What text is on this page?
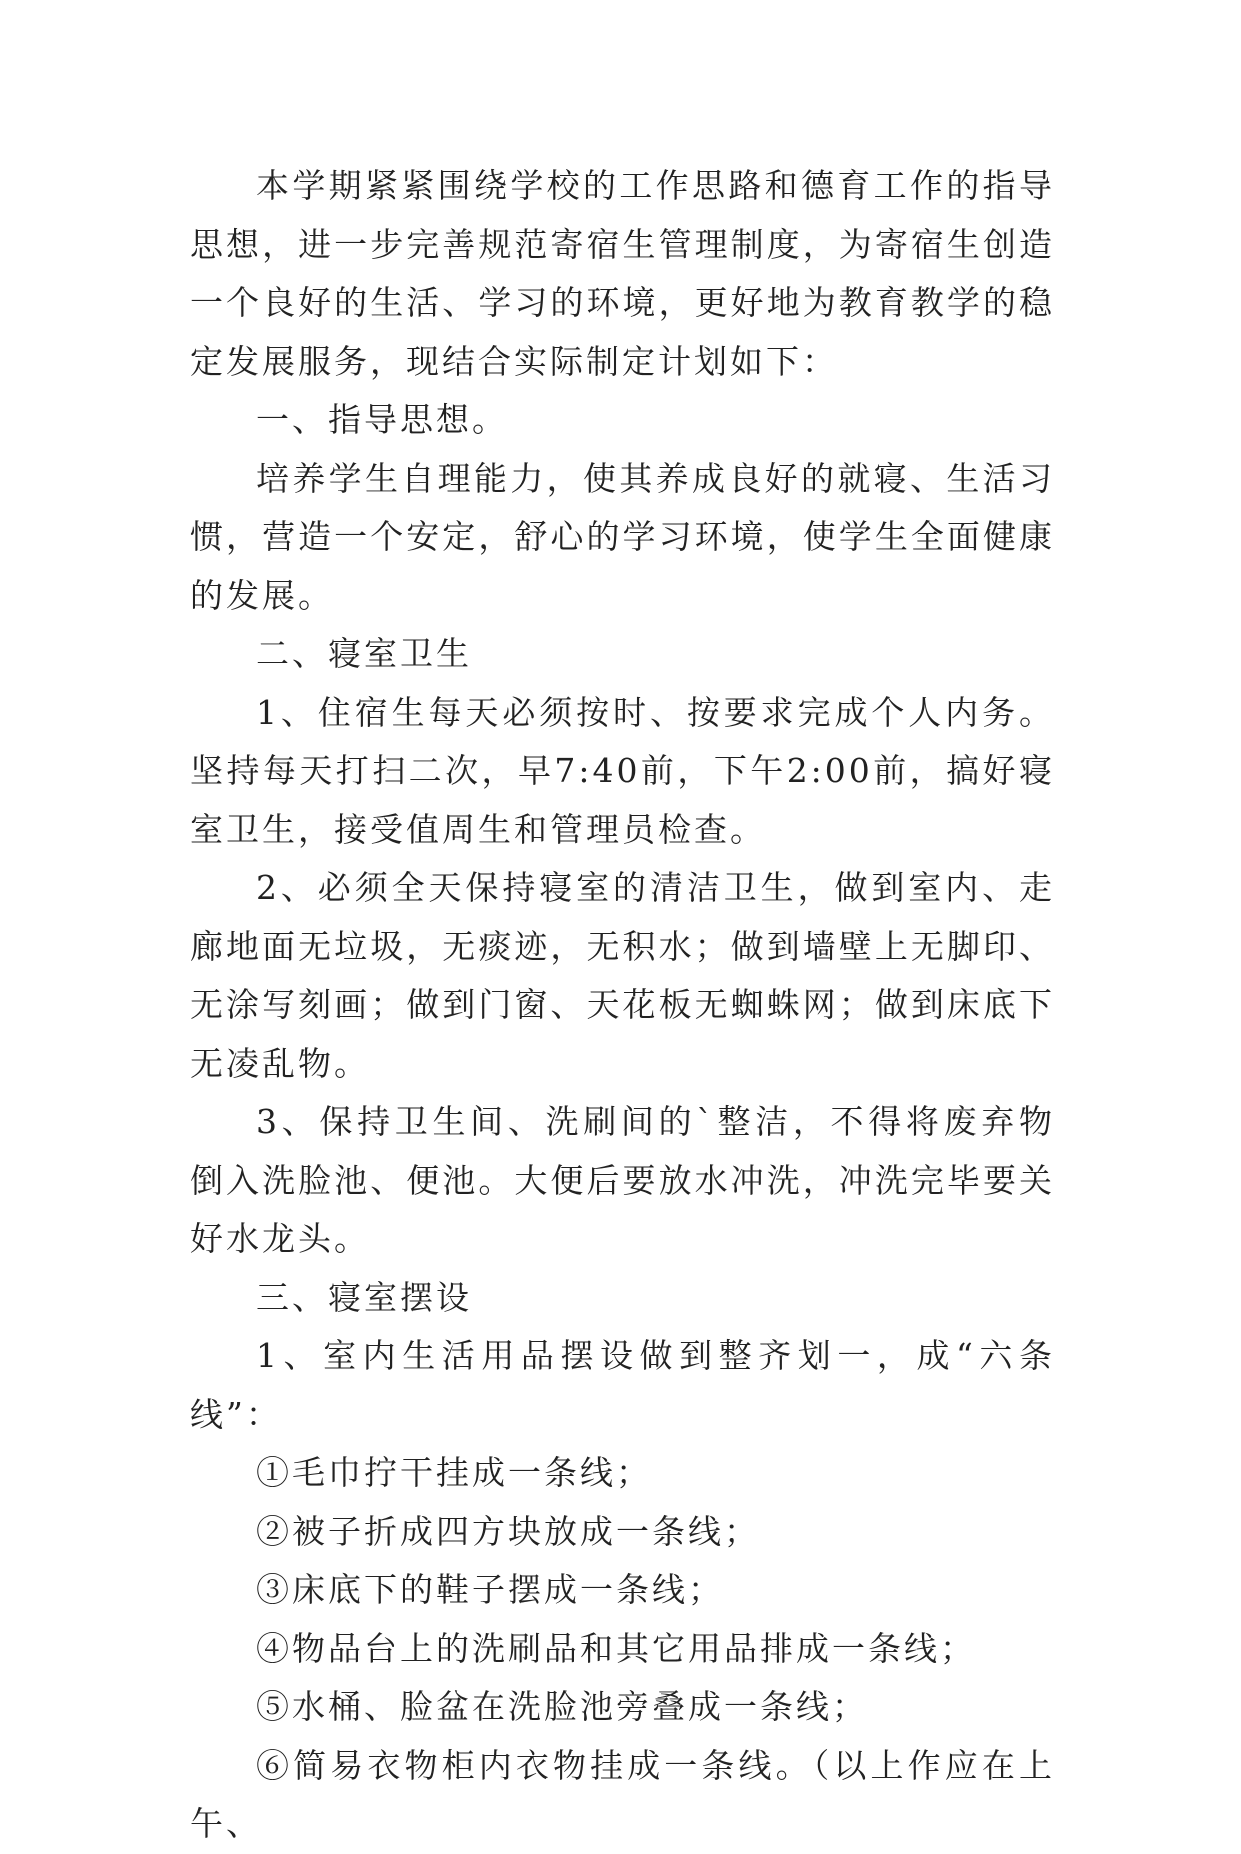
本学期紧紧围绕学校的工作思路和德育工作的指导思想，进一步完善规范寄宿生管理制度，为寄宿生创造一个良好的生活、学习的环境，更好地为教育教学的稳定发展服务，现结合实际制定计划如下：

一、指导思想。

培养学生自理能力，使其养成良好的就寝、生活习惯，营造一个安定，舒心的学习环境，使学生全面健康的发展。

二、寝室卫生

1、住宿生每天必须按时、按要求完成个人内务。坚持每天打扫二次，早7:40前，下午2:00前，搞好寝室卫生，接受值周生和管理员检查。

2、必须全天保持寝室的清洁卫生，做到室内、走廊地面无垃圾，无痰迹，无积水；做到墙壁上无脚印、无涂写刻画；做到门窗、天花板无蜘蛛网；做到床底下无凌乱物。

3、保持卫生间、洗刷间的`整洁，不得将废弃物倒入洗脸池、便池。大便后要放水冲洗，冲洗完毕要关好水龙头。

三、寝室摆设

1、室内生活用品摆设做到整齐划一，成“六条线”：

①毛巾拧干挂成一条线；

②被子折成四方块放成一条线；

③床底下的鞋子摆成一条线；

④物品台上的洗刷品和其它用品排成一条线；

⑤水桶、脸盆在洗脸池旁叠成一条线；

⑥简易衣物柜内衣物挂成一条线。（以上作应在上午、
